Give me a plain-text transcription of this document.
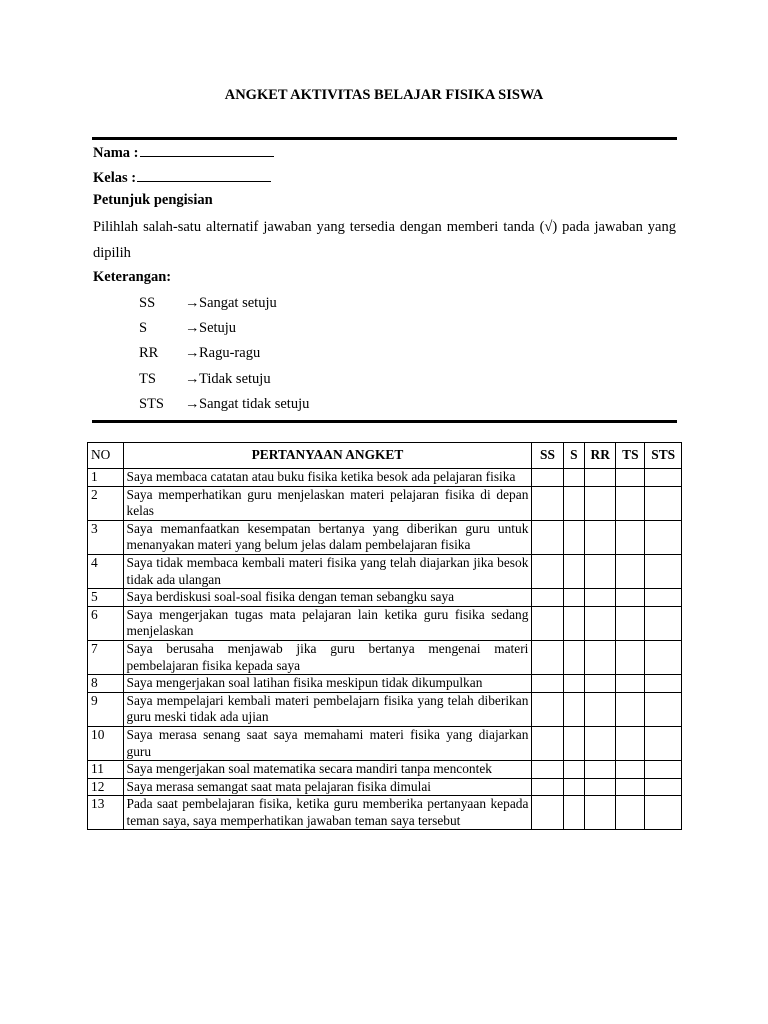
ANGKET AKTIVITAS BELAJAR FISIKA SISWA
Nama :
Kelas :
Petunjuk pengisian
Pilihlah salah-satu alternatif jawaban yang tersedia dengan memberi tanda (√) pada jawaban yang dipilih
Keterangan:
SS →Sangat setuju
S	→Setuju
RR →Ragu-ragu
TS →Tidak setuju
STS →Sangat tidak setuju
NO	PERTANYAAN ANGKET	SS	S	RR	TS	STS
1	Saya membaca catatan atau buku fisika ketika besok ada pelajaran fisika					
2	Saya memperhatikan guru menjelaskan materi pelajaran fisika di depan kelas					
3	Saya memanfaatkan kesempatan bertanya yang diberikan guru untuk menanyakan materi yang belum jelas dalam pembelajaran fisika					
4	Saya tidak membaca kembali materi fisika yang telah diajarkan jika besok tidak ada ulangan					
5	Saya berdiskusi soal-soal fisika dengan teman sebangku saya					
6	Saya mengerjakan tugas mata pelajaran lain ketika guru fisika sedang menjelaskan					
7	Saya berusaha menjawab jika guru bertanya mengenai materi pembelajaran fisika kepada saya					
8	Saya mengerjakan soal latihan fisika meskipun tidak dikumpulkan					
9	Saya mempelajari kembali materi pembelajarn fisika yang telah diberikan guru meski tidak ada ujian					
10	Saya merasa senang saat saya memahami materi fisika yang diajarkan guru					
11	Saya mengerjakan soal matematika secara mandiri tanpa mencontek					
12	Saya merasa semangat saat mata pelajaran fisika dimulai					
13	Pada saat pembelajaran fisika, ketika guru memberika pertanyaan kepada teman saya, saya memperhatikan jawaban teman saya tersebut					
